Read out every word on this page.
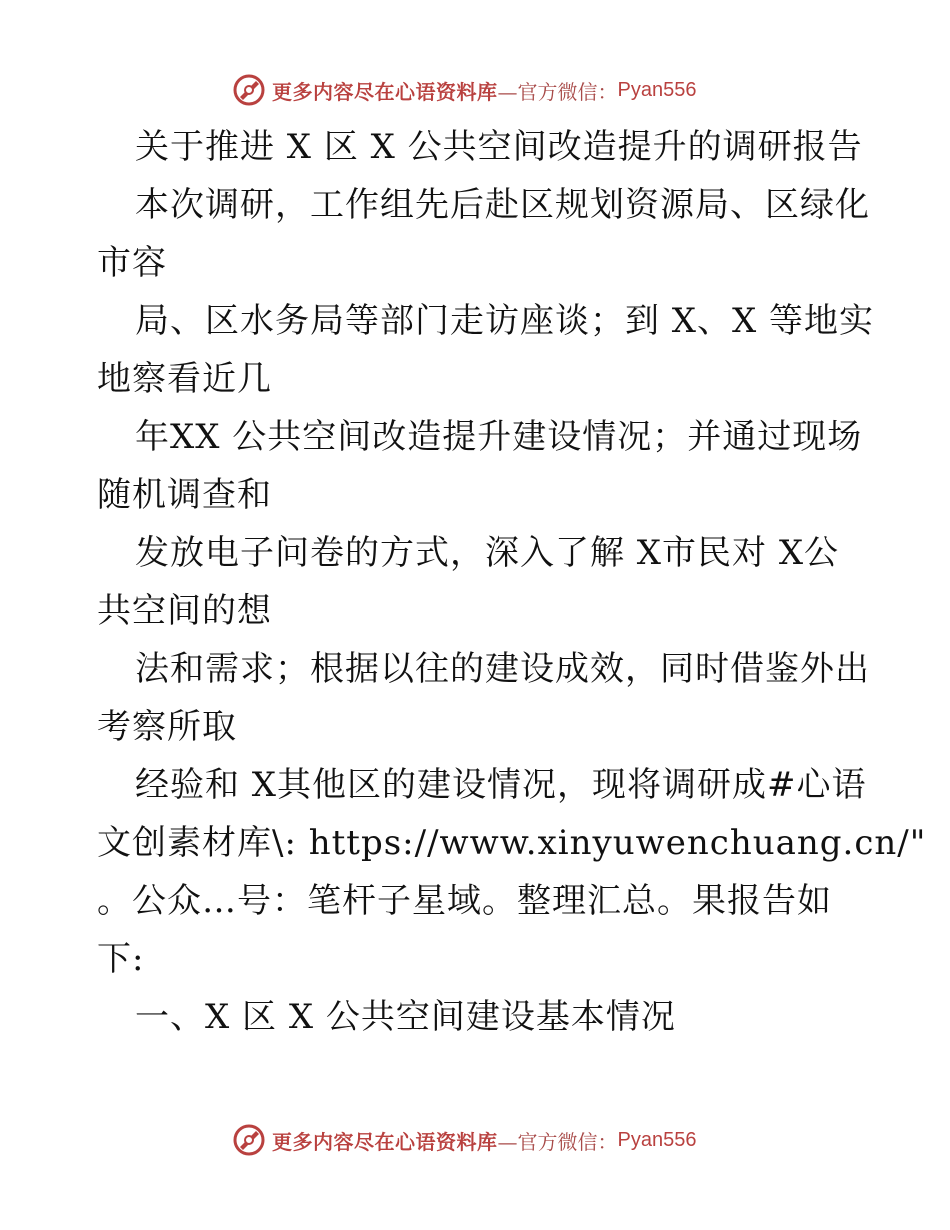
更多内容尽在心语资料库 —官方微信： Pyan556
关于推进 X 区 X 公共空间改造提升的调研报告
本次调研，工作组先后赴区规划资源局、区绿化
市容
局、区水务局等部门走访座谈；到 X、X 等地实
地察看近几
年XX 公共空间改造提升建设情况；并通过现场
随机调查和
发放电子问卷的方式，深入了解 X市民对 X公
共空间的想
法和需求；根据以往的建设成效，同时借鉴外出
考察所取
经验和 X其他区的建设情况，现将调研成#心语
文创素材库\: https://www.xinyuwenchuang.cn/"
。公众…号：笔杆子星域。整理汇总。果报告如
下:
一、X 区 X 公共空间建设基本情况
更多内容尽在心语资料库 —官方微信： Pyan556
